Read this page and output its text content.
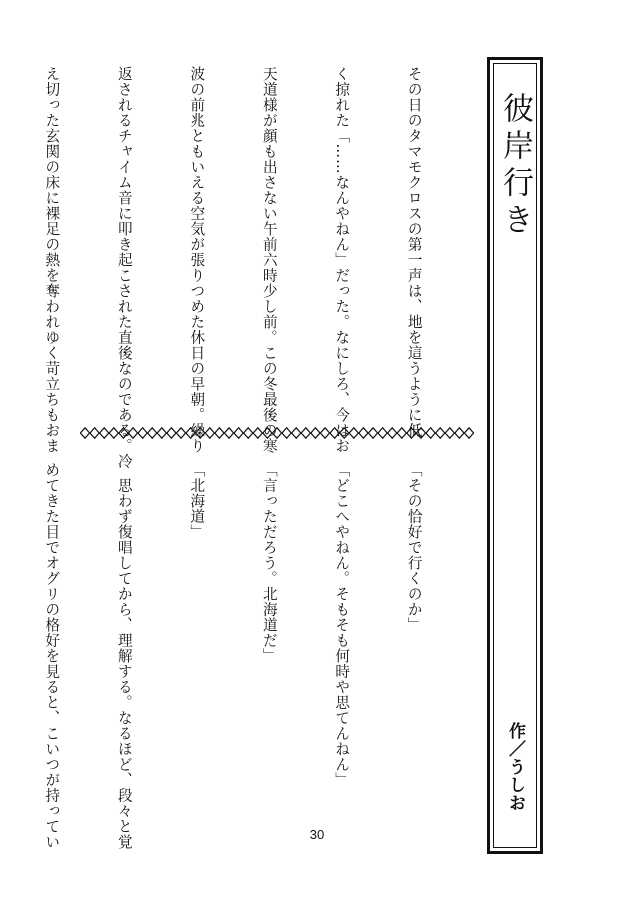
彼岸行き
作／うしお

その日のタマモクロスの第一声は、地を這うように低

く掠れた「……なんやねん」だった。なにしろ、今はお

天道様が顔も出さない午前六時少し前。この冬最後の寒

波の前兆ともいえる空気が張りつめた休日の早朝。繰り

返されるチャイム音に叩き起こされた直後なのである。冷

え切った玄関の床に裸足の熱を奪われゆく苛立ちもおま

「その恰好で行くのか」

「どこへやねん。そもそも何時や思てんねん」

「言っただろう。北海道だ」

「北海道」

　思わず復唱してから、理解する。なるほど、段々と覚

めてきた目でオグリの格好を見ると、こいつが持ってい

	30
